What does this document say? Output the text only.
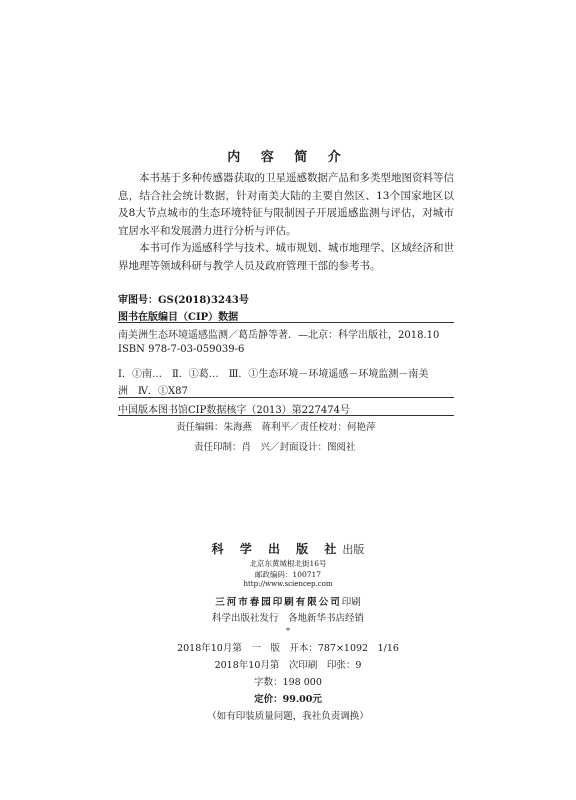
内 容 简 介

本书基于多种传感器获取的卫星遥感数据产品和多类型地图资料等信息，结合社会统计数据，针对南美大陆的主要自然区、13个国家地区以及8大节点城市的生态环境特征与限制因子开展遥感监测与评估，对城市宜居水平和发展潜力进行分析与评估。

本书可作为遥感科学与技术、城市规划、城市地理学、区域经济和世界地理等领域科研与教学人员及政府管理干部的参考书。

审图号：GS(2018)3243号
图书在版编目（CIP）数据
南美洲生态环境遥感监测／葛岳静等著．—北京：科学出版社，2018.10
ISBN 978-7-03-059039-6
Ⅰ．①南…　Ⅱ．①葛…　Ⅲ．①生态环境－环境遥感－环境监测－南美
洲　Ⅳ．①X87
中国版本图书馆CIP数据核字（2013）第227474号
责任编辑：朱海燕　蒋利平／责任校对：何艳萍
责任印制：肖　兴／封面设计：图阅社
科 学 出 版 社出版
北京东黄城根北街16号
邮政编码：100717
http://www.sciencep.com
三河市春园印刷有限公司印刷
科学出版社发行　各地新华书店经销
*
2018年10月第　一　版　开本：787×1092　1/16
2018年10月第　次印刷　印张：9
字数：198 000
定价：99.00元
（如有印装质量问题，我社负责调换）
